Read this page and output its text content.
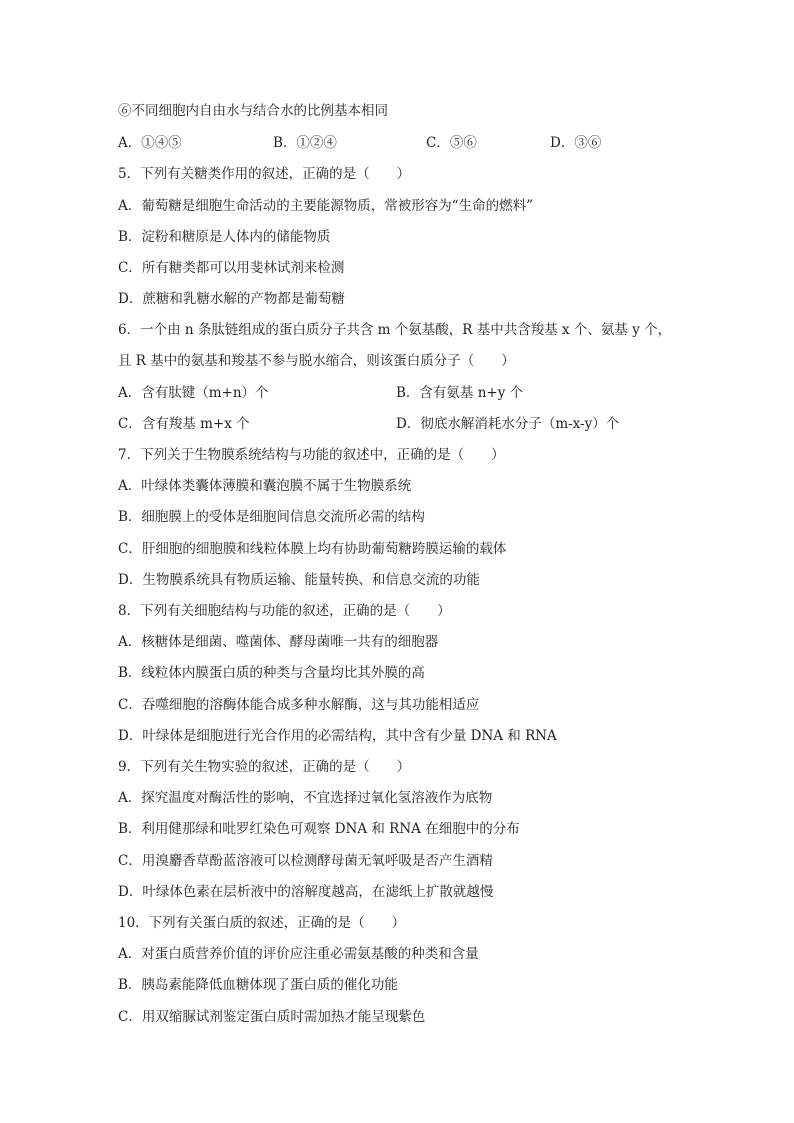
⑥不同细胞内自由水与结合水的比例基本相同
A．①④⑤	B．①②④	C．⑤⑥	D．③⑥
5．下列有关糖类作用的叙述，正确的是（　　）
A．葡萄糖是细胞生命活动的主要能源物质，常被形容为“生命的燃料”
B．淀粉和糖原是人体内的储能物质
C．所有糖类都可以用斐林试剂来检测
D．蔗糖和乳糖水解的产物都是葡萄糖
6．一个由 n 条肽链组成的蛋白质分子共含 m 个氨基酸，R 基中共含羧基 x 个、氨基 y 个，
且 R 基中的氨基和羧基不参与脱水缩合，则该蛋白质分子（　　）
A．含有肽键（m+n）个	B．含有氨基 n+y 个
C．含有羧基 m+x 个	D．彻底水解消耗水分子（m-x-y）个
7．下列关于生物膜系统结构与功能的叙述中，正确的是（　　）
A．叶绿体类囊体薄膜和囊泡膜不属于生物膜系统
B．细胞膜上的受体是细胞间信息交流所必需的结构
C．肝细胞的细胞膜和线粒体膜上均有协助葡萄糖跨膜运输的载体
D．生物膜系统具有物质运输、能量转换、和信息交流的功能
8．下列有关细胞结构与功能的叙述，正确的是（　　）
A．核糖体是细菌、噬菌体、酵母菌唯一共有的细胞器
B．线粒体内膜蛋白质的种类与含量均比其外膜的高
C．吞噬细胞的溶酶体能合成多种水解酶，这与其功能相适应
D．叶绿体是细胞进行光合作用的必需结构，其中含有少量 DNA 和 RNA
9．下列有关生物实验的叙述，正确的是（　　）
A．探究温度对酶活性的影响，不宜选择过氧化氢溶液作为底物
B．利用健那绿和吡罗红染色可观察 DNA 和 RNA 在细胞中的分布
C．用溴麝香草酚蓝溶液可以检测酵母菌无氧呼吸是否产生酒精
D．叶绿体色素在层析液中的溶解度越高，在滤纸上扩散就越慢
10．下列有关蛋白质的叙述，正确的是（　　）
A．对蛋白质营养价值的评价应注重必需氨基酸的种类和含量
B．胰岛素能降低血糖体现了蛋白质的催化功能
C．用双缩脲试剂鉴定蛋白质时需加热才能呈现紫色
